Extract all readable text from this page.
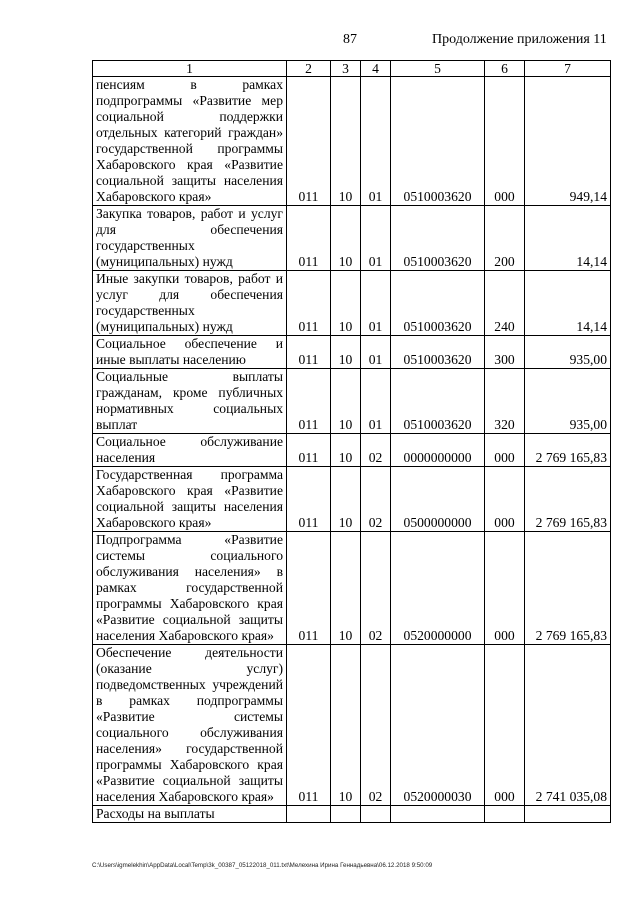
87	Продолжение приложения 11
1	2	3	4	5	6	7
пенсиям в рамках подпрограммы «Развитие мер социальной поддержки отдельных категорий граждан» государственной программы Хабаровского края «Развитие социальной защиты населения Хабаровского края»	011	10	01	0510003620	000	949,14
Закупка товаров, работ и услуг для обеспечения государственных (муниципальных) нужд	011	10	01	0510003620	200	14,14
Иные закупки товаров, работ и услуг для обеспечения государственных (муниципальных) нужд	011	10	01	0510003620	240	14,14
Социальное обеспечение и иные выплаты населению	011	10	01	0510003620	300	935,00
Социальные выплаты гражданам, кроме публичных нормативных социальных выплат	011	10	01	0510003620	320	935,00
Социальное обслуживание населения	011	10	02	0000000000	000	2 769 165,83
Государственная программа Хабаровского края «Развитие социальной защиты населения Хабаровского края»	011	10	02	0500000000	000	2 769 165,83
Подпрограмма «Развитие системы социального обслуживания населения» в рамках государственной программы Хабаровского края «Развитие социальной защиты населения Хабаровского края»	011	10	02	0520000000	000	2 769 165,83
Обеспечение деятельности (оказание услуг) подведомственных учреждений в рамках подпрограммы «Развитие системы социального обслуживания населения» государственной программы Хабаровского края «Развитие социальной защиты населения Хабаровского края»	011	10	02	0520000030	000	2 741 035,08
Расходы на выплаты						
C:\Users\igmelekhin\AppData\Local\Temp\3k_00387_05122018_011.txt\Мелехина Ирина Геннадьевна\06.12.2018 9:50:09
